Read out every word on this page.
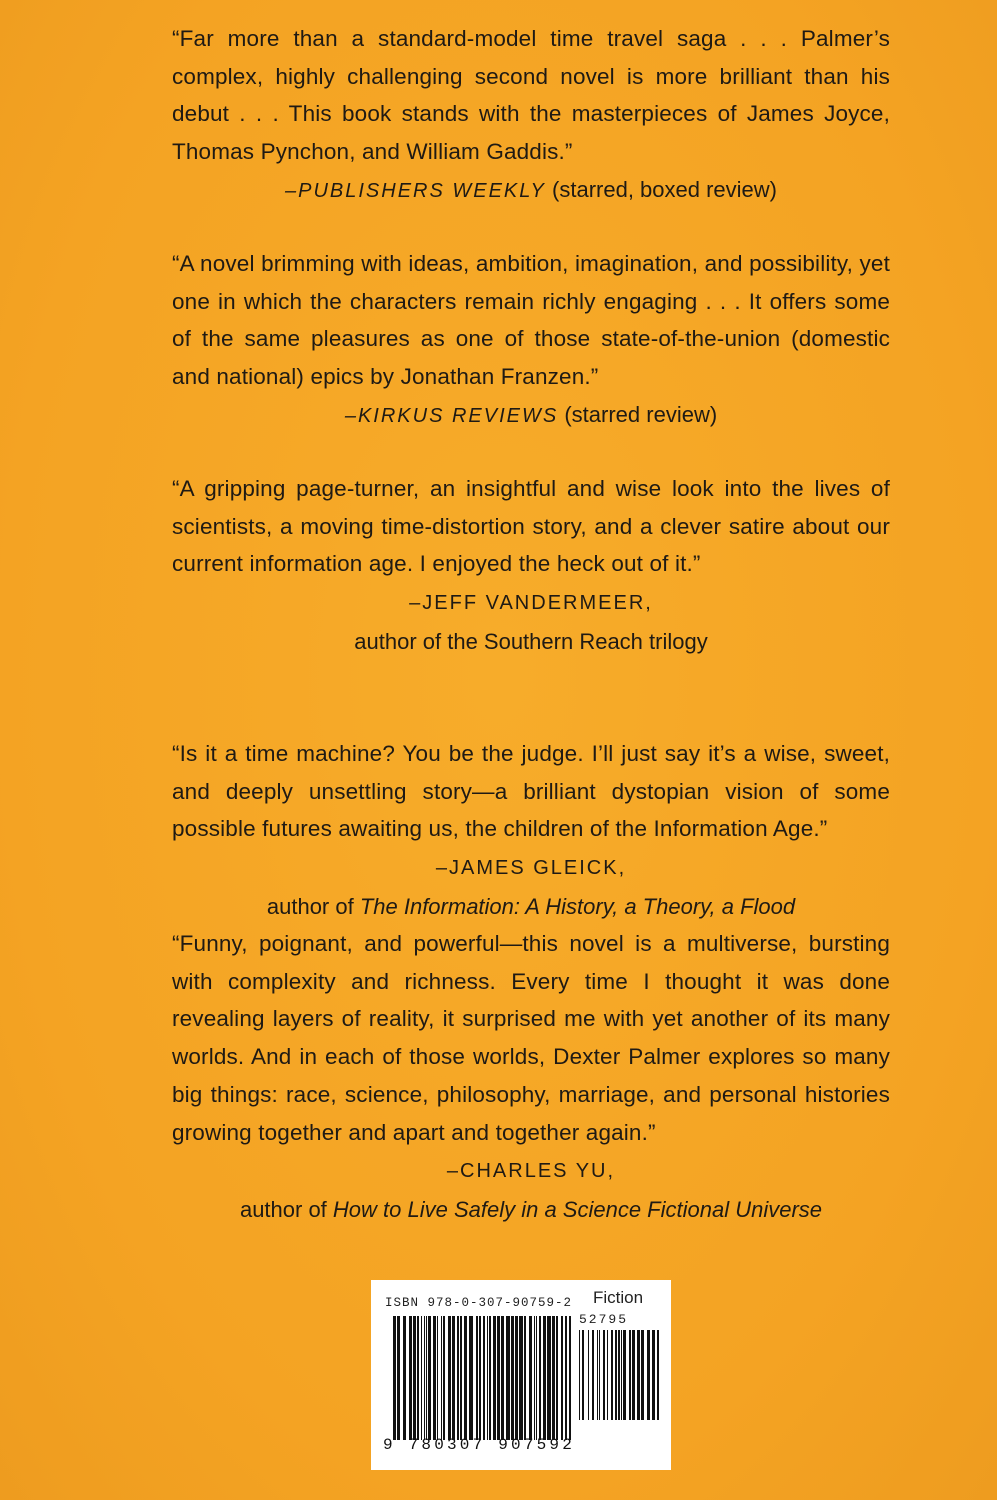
“Far more than a standard-model time travel saga . . . Palmer’s complex, highly challenging second novel is more brilliant than his debut . . . This book stands with the masterpieces of James Joyce, Thomas Pynchon, and William Gaddis.”

–PUBLISHERS WEEKLY (starred, boxed review)

“A novel brimming with ideas, ambition, imagination, and possibility, yet one in which the characters remain richly engaging . . . It offers some of the same pleasures as one of those state-of-the-union (domestic and national) epics by Jonathan Franzen.”

–KIRKUS REVIEWS (starred review)

“A gripping page-turner, an insightful and wise look into the lives of scientists, a moving time-distortion story, and a clever satire about our current information age. I enjoyed the heck out of it.”

–JEFF VANDERMEER,

author of the Southern Reach trilogy

“Is it a time machine? You be the judge. I’ll just say it’s a wise, sweet, and deeply unsettling story—a brilliant dystopian vision of some possible futures awaiting us, the children of the Information Age.”

–JAMES GLEICK,

author of The Information: A History, a Theory, a Flood

“Funny, poignant, and powerful—this novel is a multiverse, bursting with complexity and richness. Every time I thought it was done revealing layers of reality, it surprised me with yet another of its many worlds. And in each of those worlds, Dexter Palmer explores so many big things: race, science, philosophy, marriage, and personal histories growing together and apart and together again.”

–CHARLES YU,

author of How to Live Safely in a Science Fictional Universe

ISBN 978-0-307-90759-2 Fiction
52795
9 780307 907592
